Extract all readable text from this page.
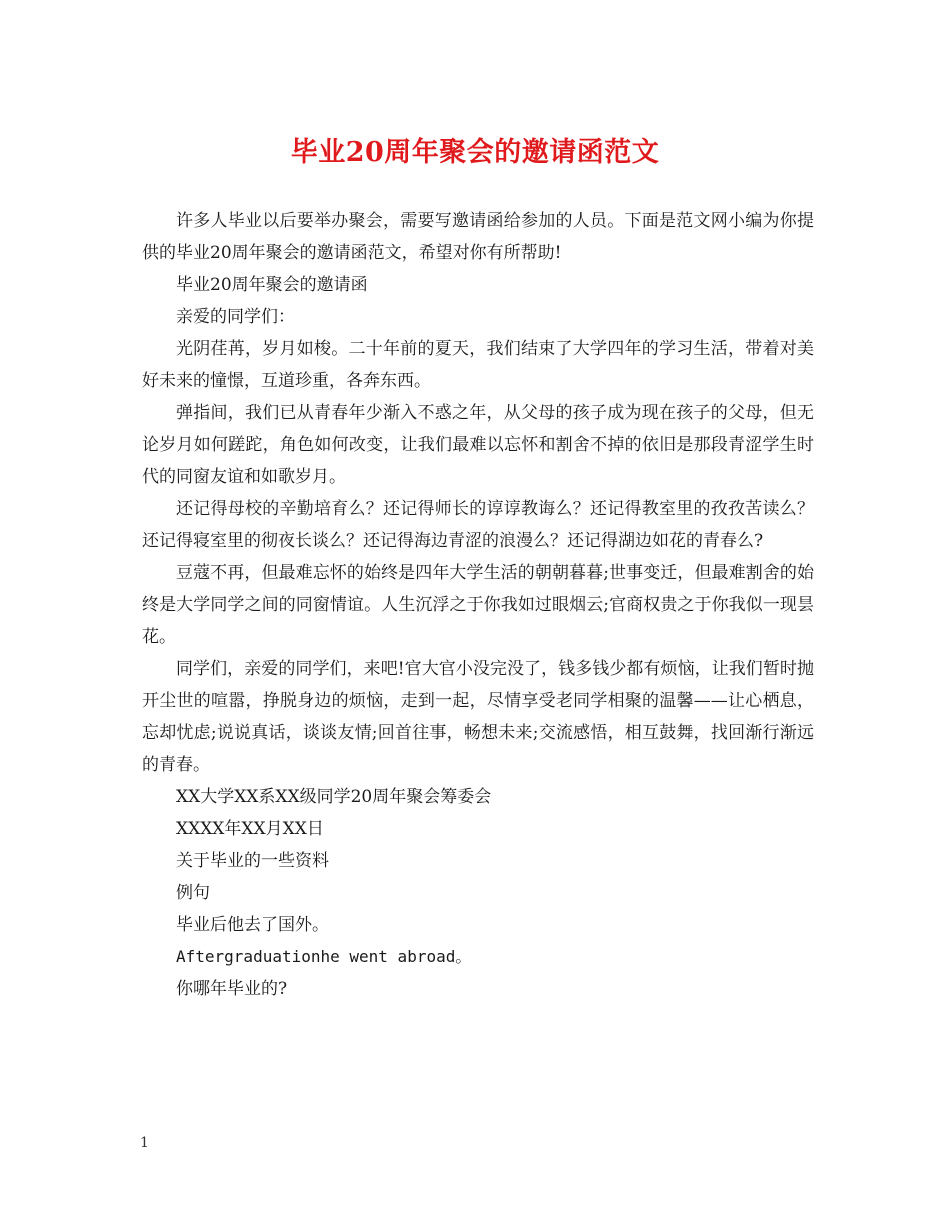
毕业20周年聚会的邀请函范文

许多人毕业以后要举办聚会，需要写邀请函给参加的人员。下面是范文网小编为你提供的毕业20周年聚会的邀请函范文，希望对你有所帮助!

毕业20周年聚会的邀请函

亲爱的同学们：

光阴荏苒，岁月如梭。二十年前的夏天，我们结束了大学四年的学习生活，带着对美好未来的憧憬，互道珍重，各奔东西。

弹指间，我们已从青春年少渐入不惑之年，从父母的孩子成为现在孩子的父母，但无论岁月如何蹉跎，角色如何改变，让我们最难以忘怀和割舍不掉的依旧是那段青涩学生时代的同窗友谊和如歌岁月。

还记得母校的辛勤培育么？还记得师长的谆谆教诲么？还记得教室里的孜孜苦读么？还记得寝室里的彻夜长谈么？还记得海边青涩的浪漫么？还记得湖边如花的青春么?

豆蔻不再，但最难忘怀的始终是四年大学生活的朝朝暮暮;世事变迁，但最难割舍的始终是大学同学之间的同窗情谊。人生沉浮之于你我如过眼烟云;官商权贵之于你我似一现昙花。

同学们，亲爱的同学们，来吧!官大官小没完没了，钱多钱少都有烦恼，让我们暂时抛开尘世的喧嚣，挣脱身边的烦恼，走到一起，尽情享受老同学相聚的温馨——让心栖息，忘却忧虑;说说真话，谈谈友情;回首往事，畅想未来;交流感悟，相互鼓舞，找回渐行渐远的青春。

XX大学XX系XX级同学20周年聚会筹委会

XXXX年XX月XX日

关于毕业的一些资料

例句

毕业后他去了国外。

Aftergraduationhe went abroad。

你哪年毕业的?

1
